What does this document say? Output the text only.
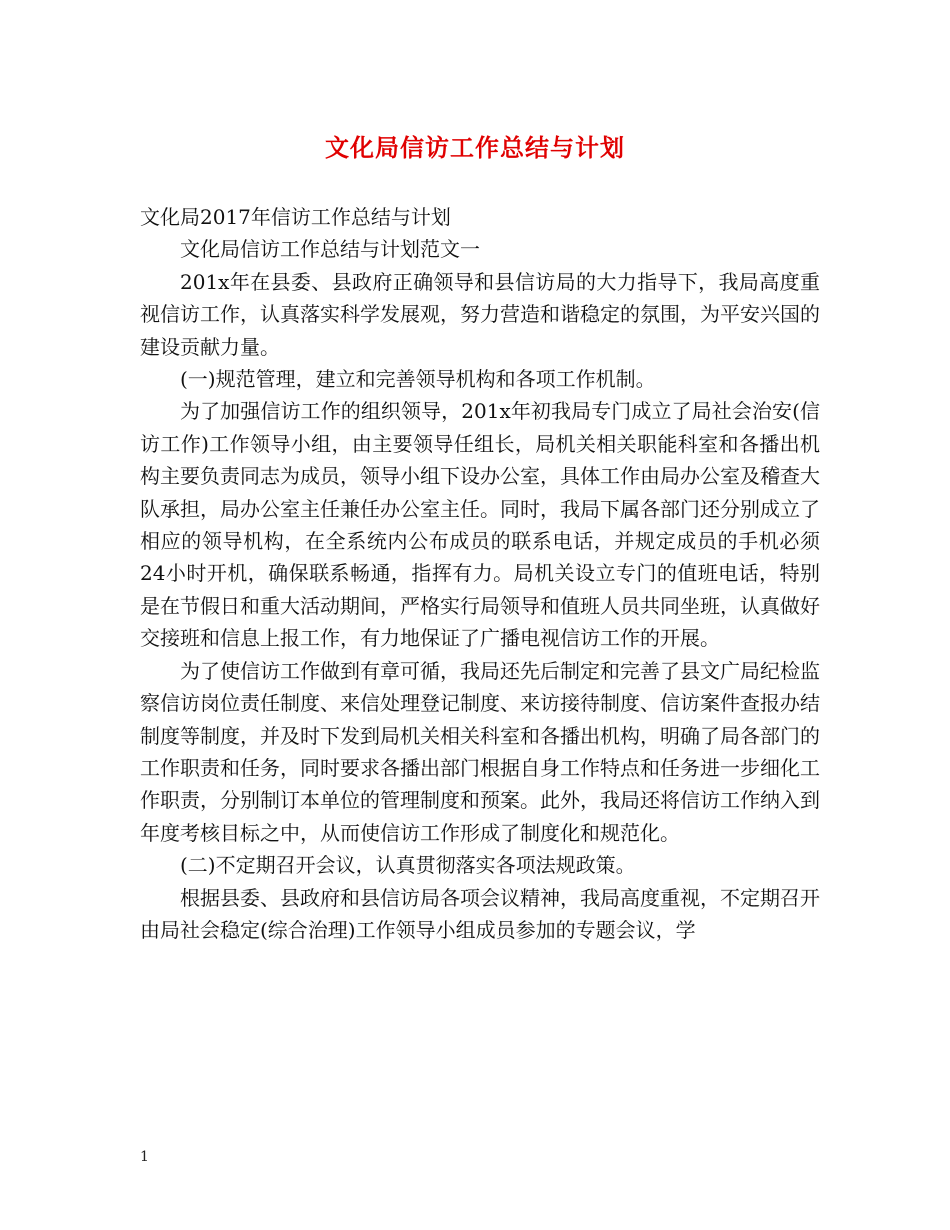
文化局信访工作总结与计划

文化局2017年信访工作总结与计划

文化局信访工作总结与计划范文一

201x年在县委、县政府正确领导和县信访局的大力指导下，我局高度重视信访工作，认真落实科学发展观，努力营造和谐稳定的氛围，为平安兴国的建设贡献力量。

(一)规范管理，建立和完善领导机构和各项工作机制。

为了加强信访工作的组织领导，201x年初我局专门成立了局社会治安(信访工作)工作领导小组，由主要领导任组长，局机关相关职能科室和各播出机构主要负责同志为成员，领导小组下设办公室，具体工作由局办公室及稽查大队承担，局办公室主任兼任办公室主任。同时，我局下属各部门还分别成立了相应的领导机构，在全系统内公布成员的联系电话，并规定成员的手机必须24小时开机，确保联系畅通，指挥有力。局机关设立专门的值班电话，特别是在节假日和重大活动期间，严格实行局领导和值班人员共同坐班，认真做好交接班和信息上报工作，有力地保证了广播电视信访工作的开展。

为了使信访工作做到有章可循，我局还先后制定和完善了县文广局纪检监察信访岗位责任制度、来信处理登记制度、来访接待制度、信访案件查报办结制度等制度，并及时下发到局机关相关科室和各播出机构，明确了局各部门的工作职责和任务，同时要求各播出部门根据自身工作特点和任务进一步细化工作职责，分别制订本单位的管理制度和预案。此外，我局还将信访工作纳入到年度考核目标之中，从而使信访工作形成了制度化和规范化。

(二)不定期召开会议，认真贯彻落实各项法规政策。

根据县委、县政府和县信访局各项会议精神，我局高度重视，不定期召开由局社会稳定(综合治理)工作领导小组成员参加的专题会议，学

1
